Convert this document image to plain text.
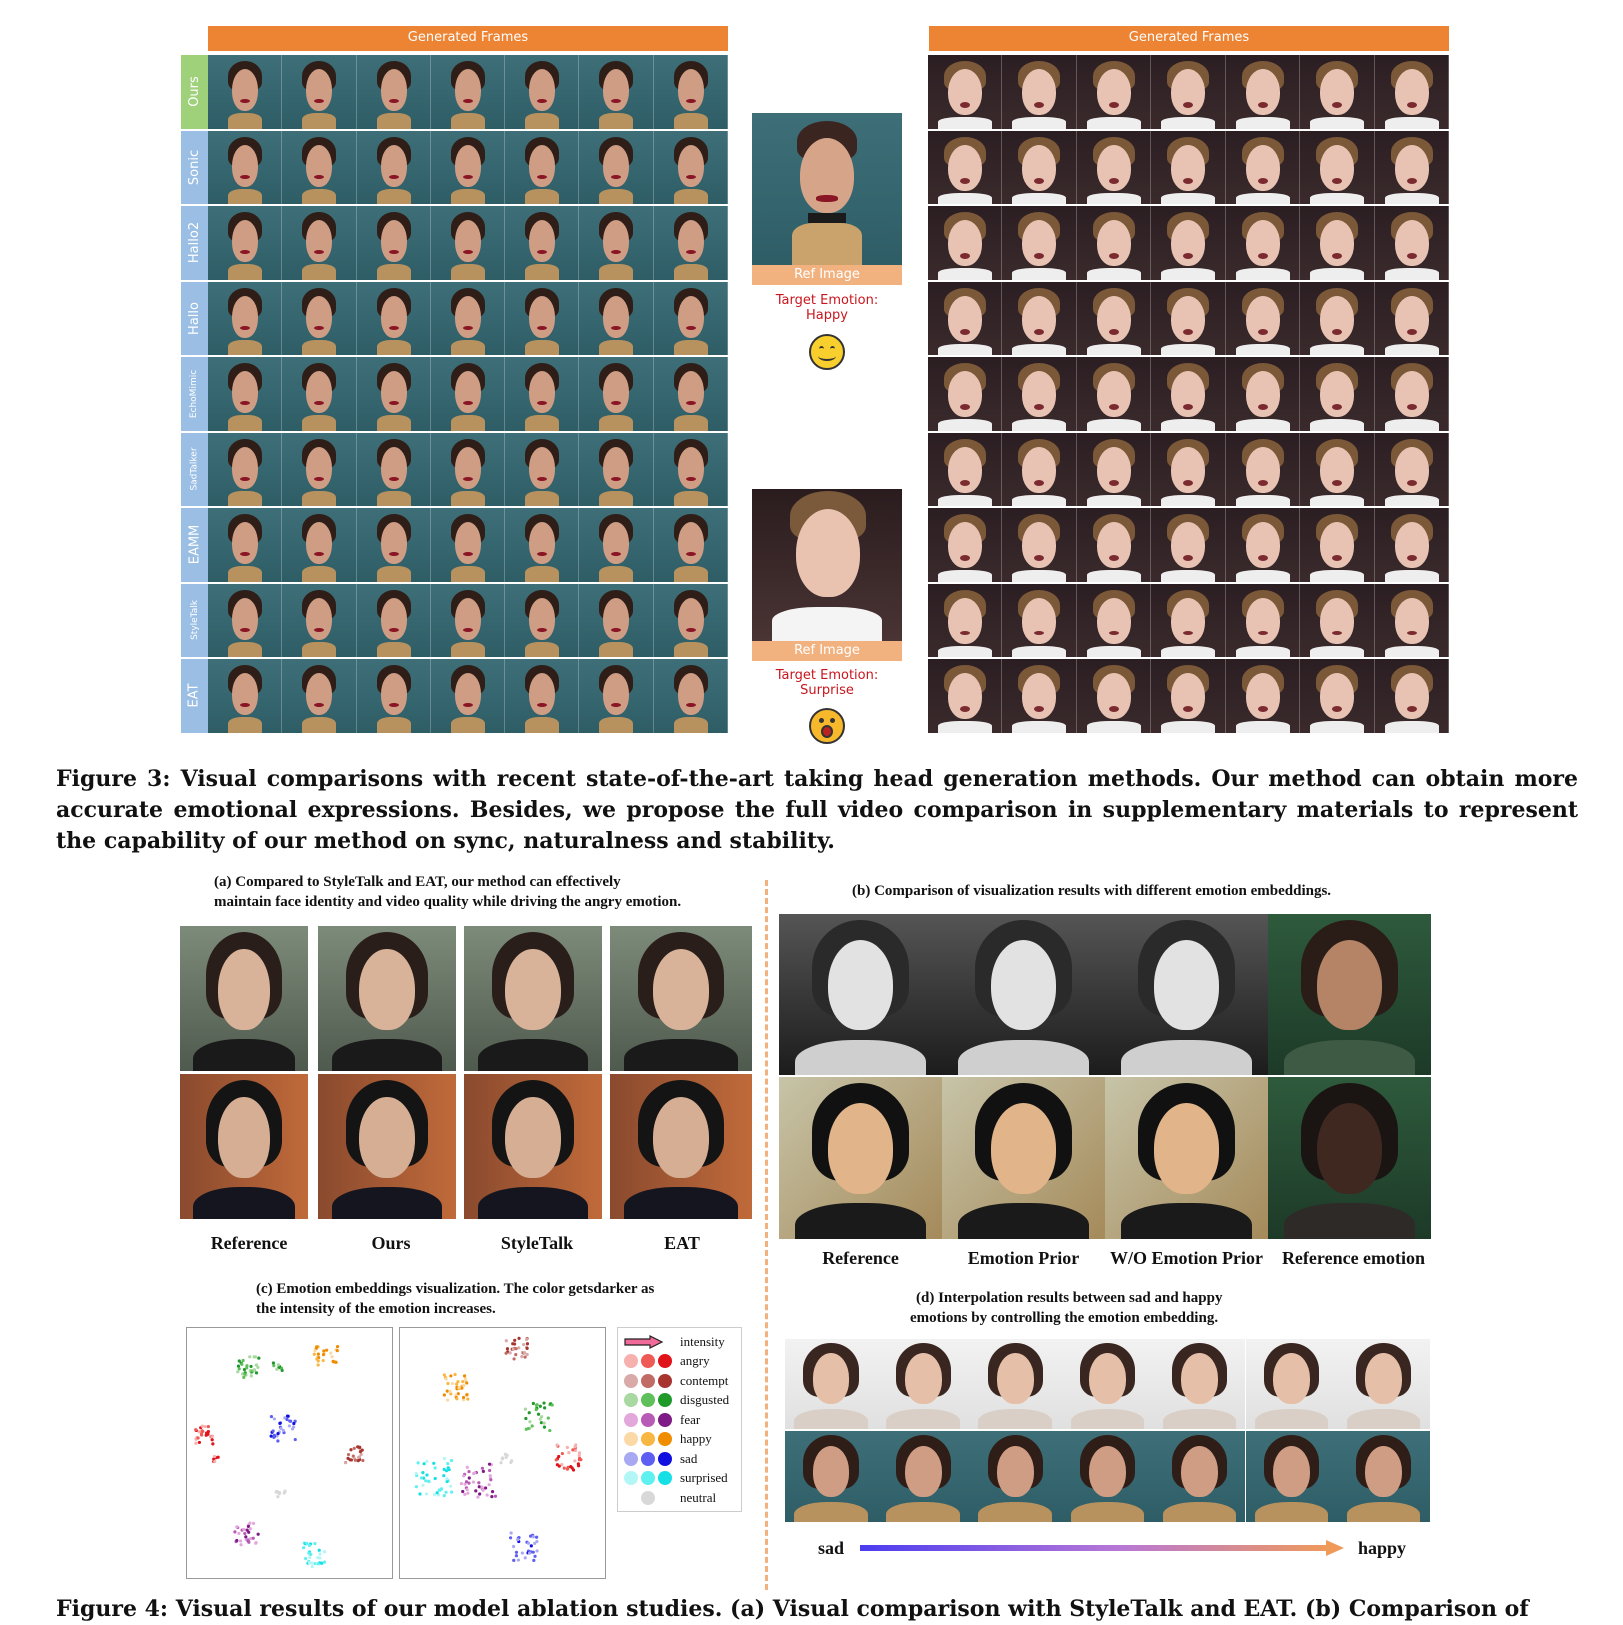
Generated Frames	Generated Frames
Ours
Sonic
Hallo2
Hallo
EchoMimic
SadTalker
EAMM
StyleTalk
EAT
Ref Image
Target Emotion:
Happy
Ref Image
Target Emotion:
Surprise
Figure 3: Visual comparisons with recent state-of-the-art taking head generation methods. Our method can obtain more accurate emotional expressions. Besides, we propose the full video comparison in supplementary materials to represent the capability of our method on sync, naturalness and stability.
(a) Compared to StyleTalk and EAT, our method can effectively
maintain face identity and video quality while driving the angry emotion.
Reference	Ours	StyleTalk	EAT
(b) Comparison of visualization results with different emotion embeddings.
Reference	Emotion Prior	W/O Emotion Prior	Reference emotion
(c) Emotion embeddings visualization. The color getsdarker as
the intensity of the emotion increases.
intensity
angry
contempt
disgusted
fear
happy
sad
surprised
neutral
(d) Interpolation results between sad and happy
emotions by controlling the emotion embedding.
sad	happy
Figure 4: Visual results of our model ablation studies. (a) Visual comparison with StyleTalk and EAT. (b) Comparison of
